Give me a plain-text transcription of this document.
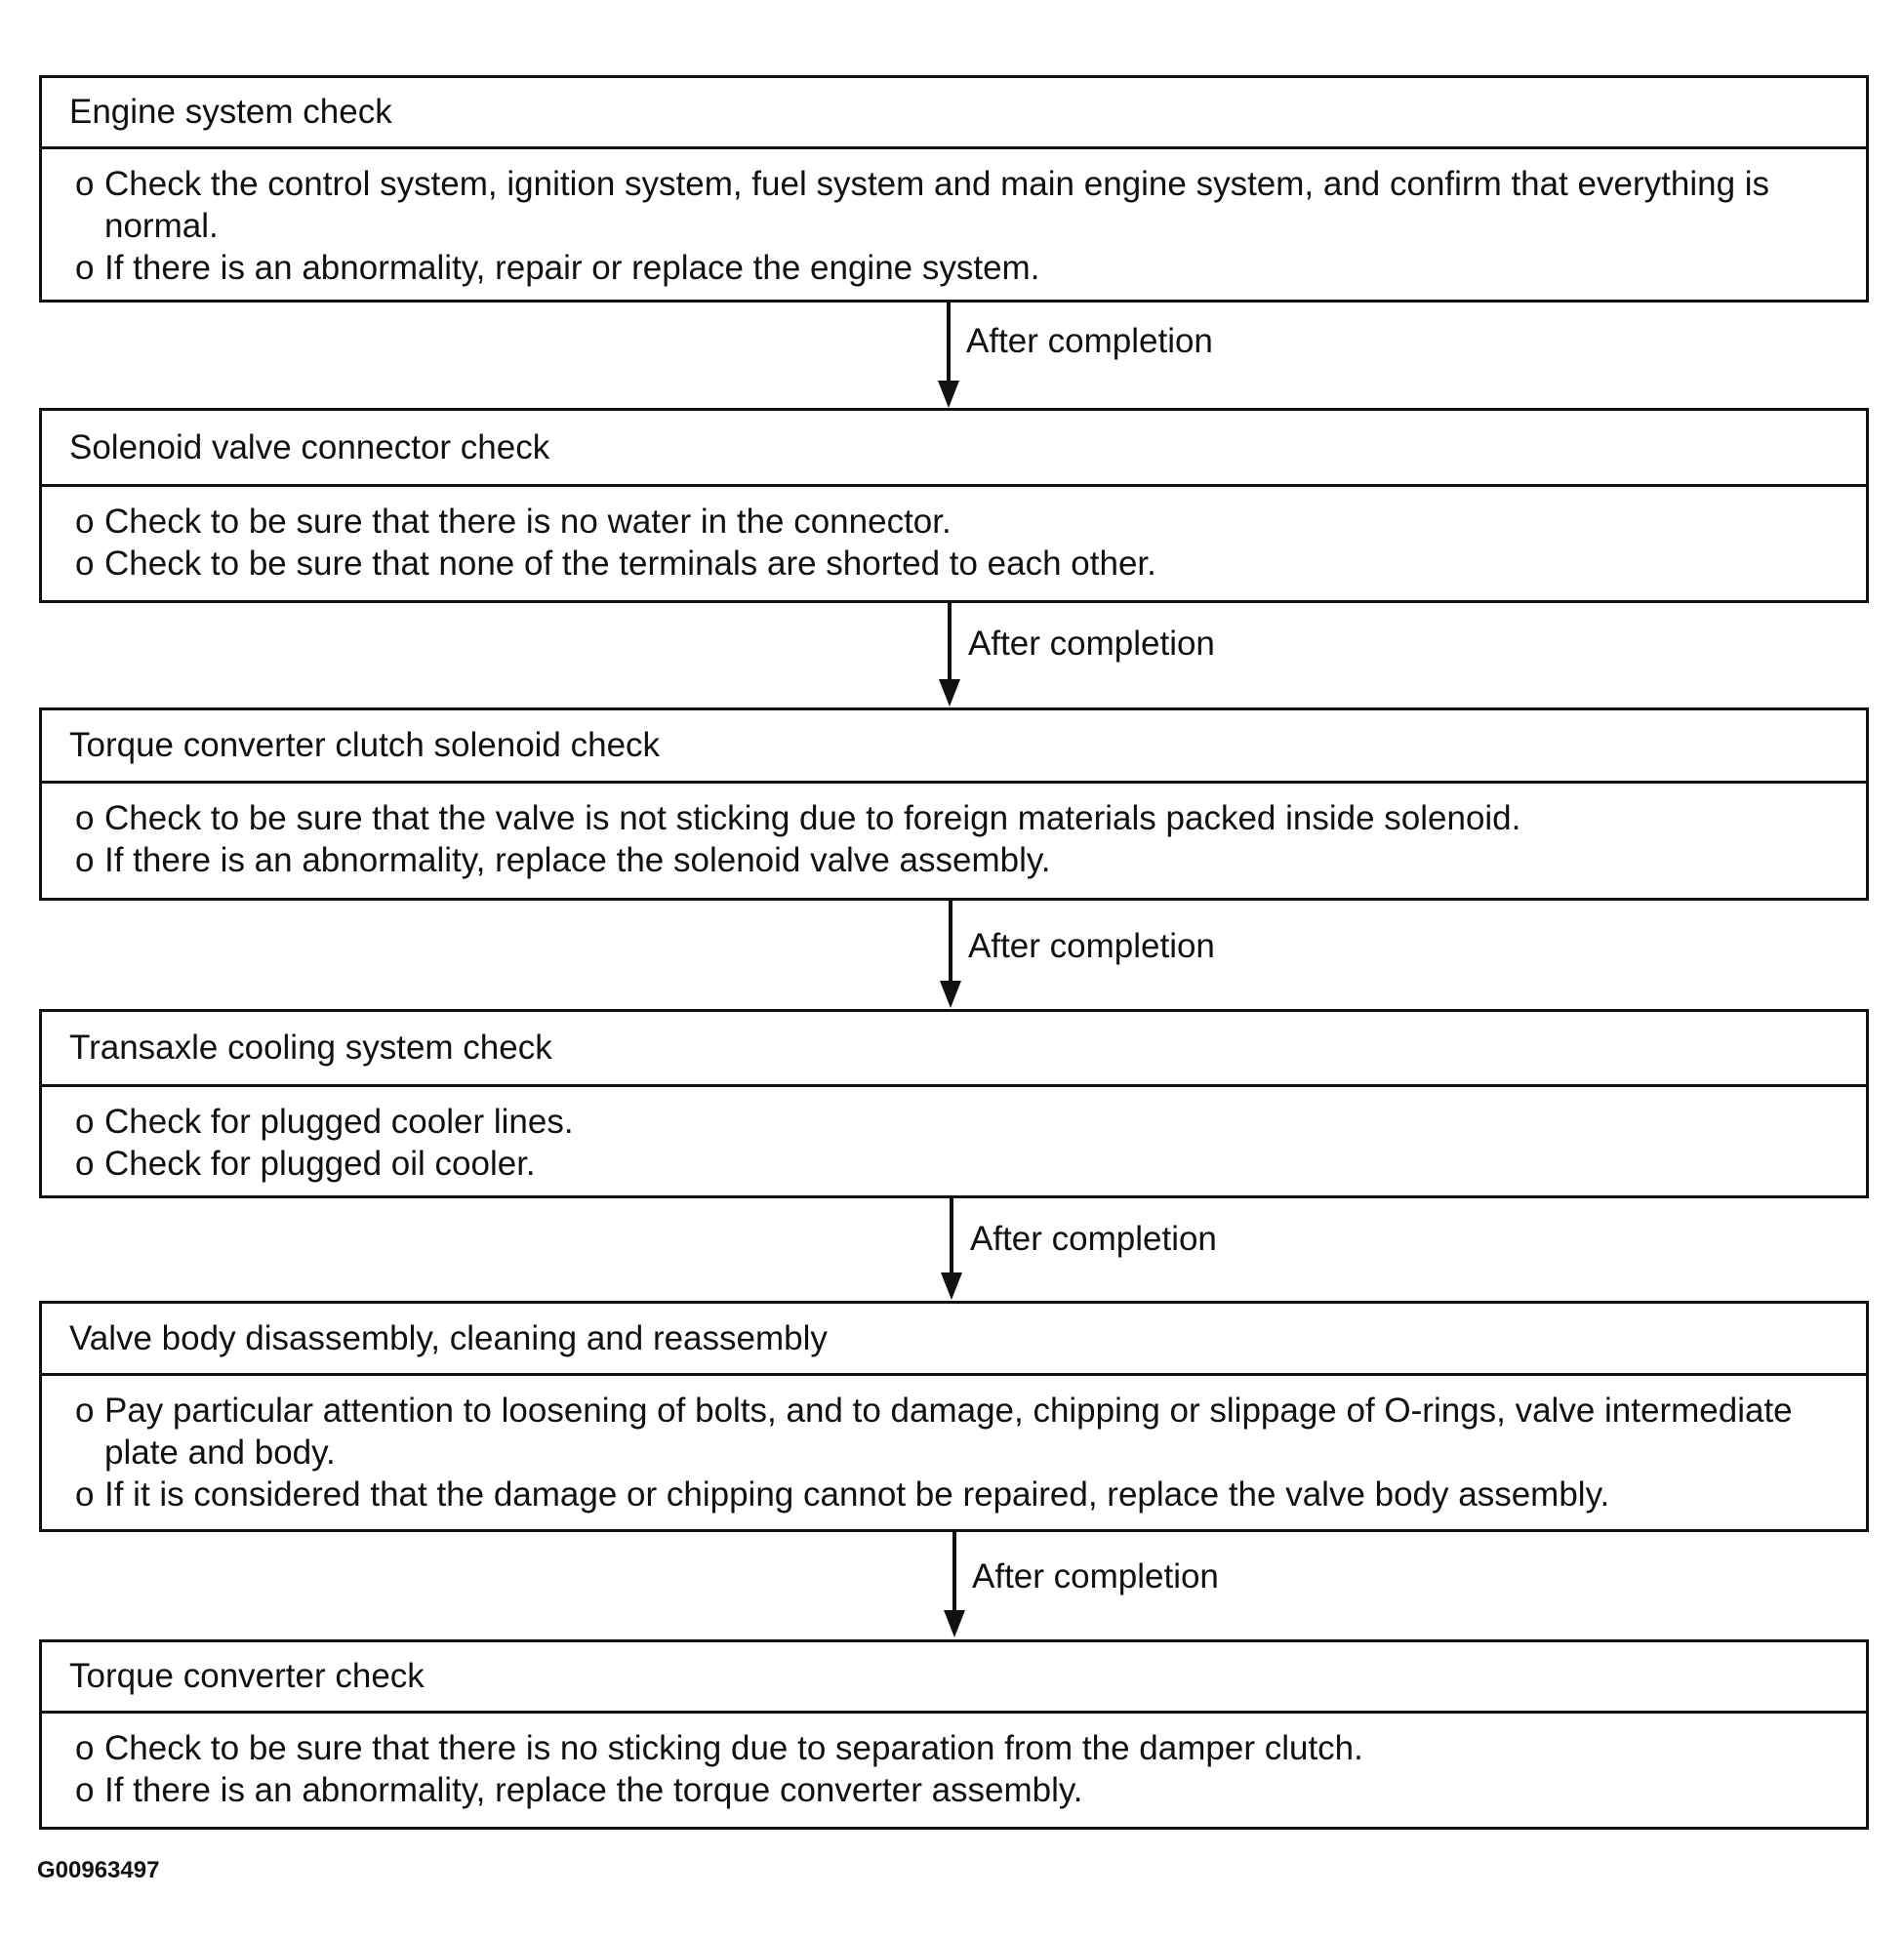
Engine system check
o Check the control system, ignition system, fuel system and main engine system, and confirm that everything is normal.
o If there is an abnormality, repair or replace the engine system.
After completion
Solenoid valve connector check
o Check to be sure that there is no water in the connector.
o Check to be sure that none of the terminals are shorted to each other.
After completion
Torque converter clutch solenoid check
o Check to be sure that the valve is not sticking due to foreign materials packed inside solenoid.
o If there is an abnormality, replace the solenoid valve assembly.
After completion
Transaxle cooling system check
o Check for plugged cooler lines.
o Check for plugged oil cooler.
After completion
Valve body disassembly, cleaning and reassembly
o Pay particular attention to loosening of bolts, and to damage, chipping or slippage of O-rings, valve intermediate plate and body.
o If it is considered that the damage or chipping cannot be repaired, replace the valve body assembly.
After completion
Torque converter check
o Check to be sure that there is no sticking due to separation from the damper clutch.
o If there is an abnormality, replace the torque converter assembly.
G00963497
